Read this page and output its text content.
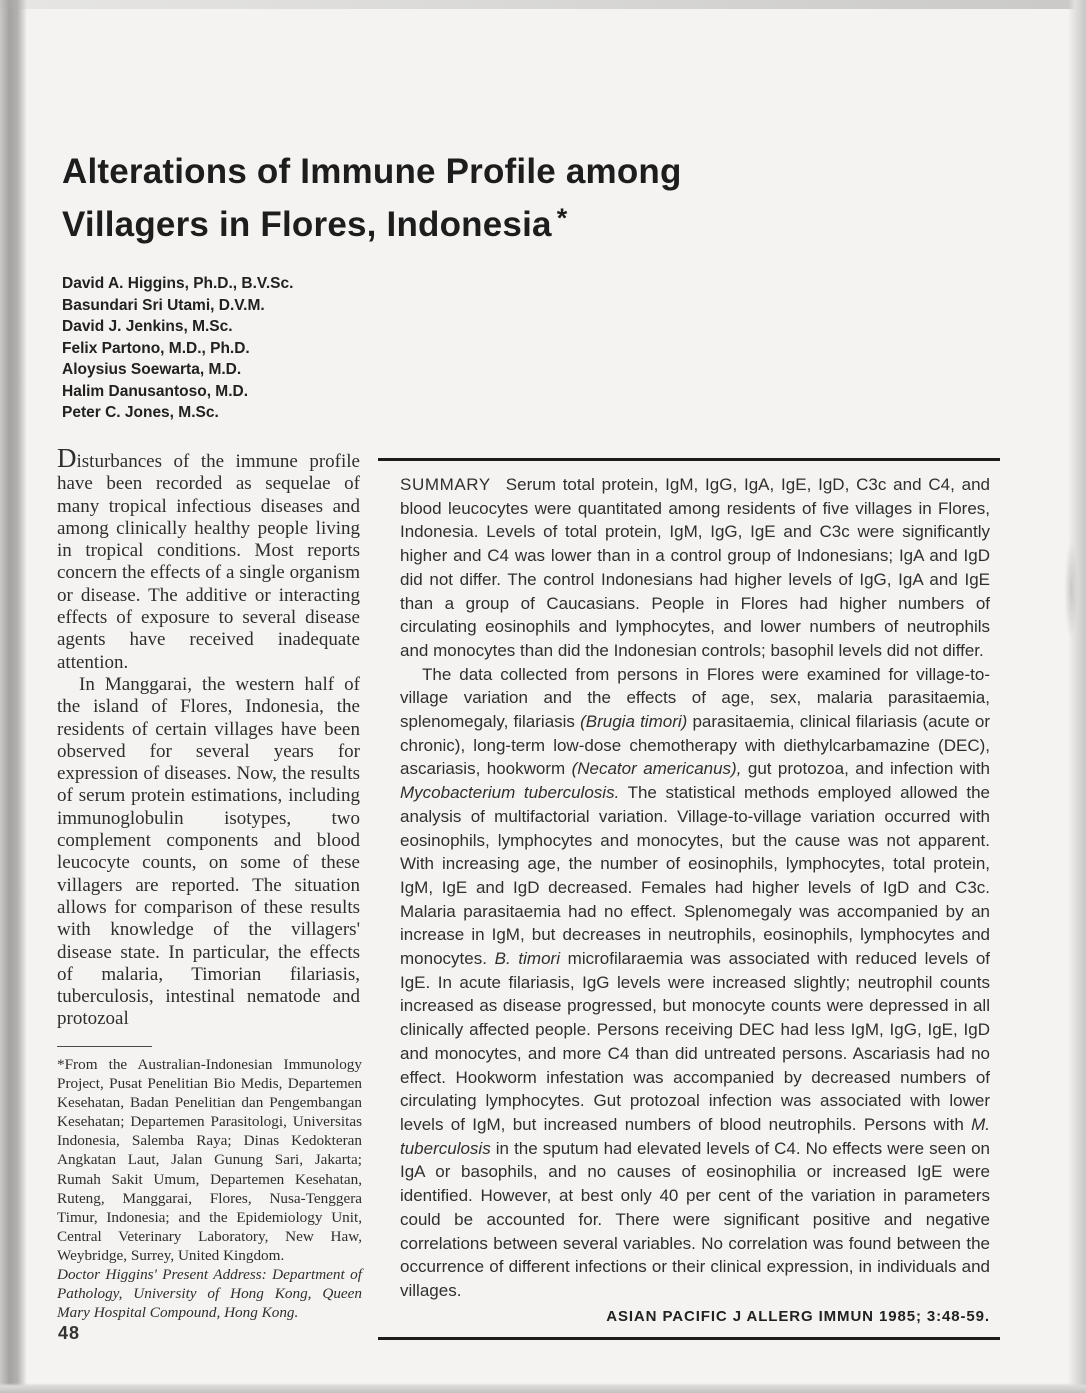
Alterations of Immune Profile among
Villagers in Flores, Indonesia *
David A. Higgins, Ph.D., B.V.Sc.
Basundari Sri Utami, D.V.M.
David J. Jenkins, M.Sc.
Felix Partono, M.D., Ph.D.
Aloysius Soewarta, M.D.
Halim Danusantoso, M.D.
Peter C. Jones, M.Sc.

Disturbances of the immune profile have been recorded as sequelae of many tropical infectious diseases and among clinically healthy people living in tropical conditions. Most reports concern the effects of a single organism or disease. The additive or interacting effects of exposure to several disease agents have received inadequate attention.

In Manggarai, the western half of the island of Flores, Indonesia, the residents of certain villages have been observed for several years for expression of diseases. Now, the results of serum protein estimations, including immunoglobulin isotypes, two complement components and blood leucocyte counts, on some of these villagers are reported. The situation allows for comparison of these results with knowledge of the villagers' disease state. In particular, the effects of malaria, Timorian filariasis, tuberculosis, intestinal nematode and protozoal

*From the Australian-Indonesian Immunology Project, Pusat Penelitian Bio Medis, Departemen Kesehatan, Badan Penelitian dan Pengembangan Kesehatan; Departemen Parasitologi, Universitas Indonesia, Salemba Raya; Dinas Kedokteran Angkatan Laut, Jalan Gunung Sari, Jakarta; Rumah Sakit Umum, Departemen Kesehatan, Ruteng, Manggarai, Flores, Nusa-Tenggera Timur, Indonesia; and the Epidemiology Unit, Central Veterinary Laboratory, New Haw, Weybridge, Surrey, United Kingdom.

Doctor Higgins' Present Address: Department of Pathology, University of Hong Kong, Queen Mary Hospital Compound, Hong Kong.

SUMMARY Serum total protein, IgM, IgG, IgA, IgE, IgD, C3c and C4, and blood leucocytes were quantitated among residents of five villages in Flores, Indonesia. Levels of total protein, IgM, IgG, IgE and C3c were significantly higher and C4 was lower than in a control group of Indonesians; IgA and IgD did not differ. The control Indonesians had higher levels of IgG, IgA and IgE than a group of Caucasians. People in Flores had higher numbers of circulating eosinophils and lymphocytes, and lower numbers of neutrophils and monocytes than did the Indonesian controls; basophil levels did not differ.

The data collected from persons in Flores were examined for village-to-village variation and the effects of age, sex, malaria parasitaemia, splenomegaly, filariasis (Brugia timori) parasitaemia, clinical filariasis (acute or chronic), long-term low-dose chemotherapy with diethylcarbamazine (DEC), ascariasis, hookworm (Necator americanus), gut protozoa, and infection with Mycobacterium tuberculosis. The statistical methods employed allowed the analysis of multifactorial variation. Village-to-village variation occurred with eosinophils, lymphocytes and monocytes, but the cause was not apparent. With increasing age, the number of eosinophils, lymphocytes, total protein, IgM, IgE and IgD decreased. Females had higher levels of IgD and C3c. Malaria parasitaemia had no effect. Splenomegaly was accompanied by an increase in IgM, but decreases in neutrophils, eosinophils, lymphocytes and monocytes. B. timori microfilaraemia was associated with reduced levels of IgE. In acute filariasis, IgG levels were increased slightly; neutrophil counts increased as disease progressed, but monocyte counts were depressed in all clinically affected people. Persons receiving DEC had less IgM, IgG, IgE, IgD and monocytes, and more C4 than did untreated persons. Ascariasis had no effect. Hookworm infestation was accompanied by decreased numbers of circulating lymphocytes. Gut protozoal infection was associated with lower levels of IgM, but increased numbers of blood neutrophils. Persons with M. tuberculosis in the sputum had elevated levels of C4. No effects were seen on IgA or basophils, and no causes of eosinophilia or increased IgE were identified. However, at best only 40 per cent of the variation in parameters could be accounted for. There were significant positive and negative correlations between several variables. No correlation was found between the occurrence of different infections or their clinical expression, in individuals and villages.

ASIAN PACIFIC J ALLERG IMMUN 1985; 3:48-59.
48
